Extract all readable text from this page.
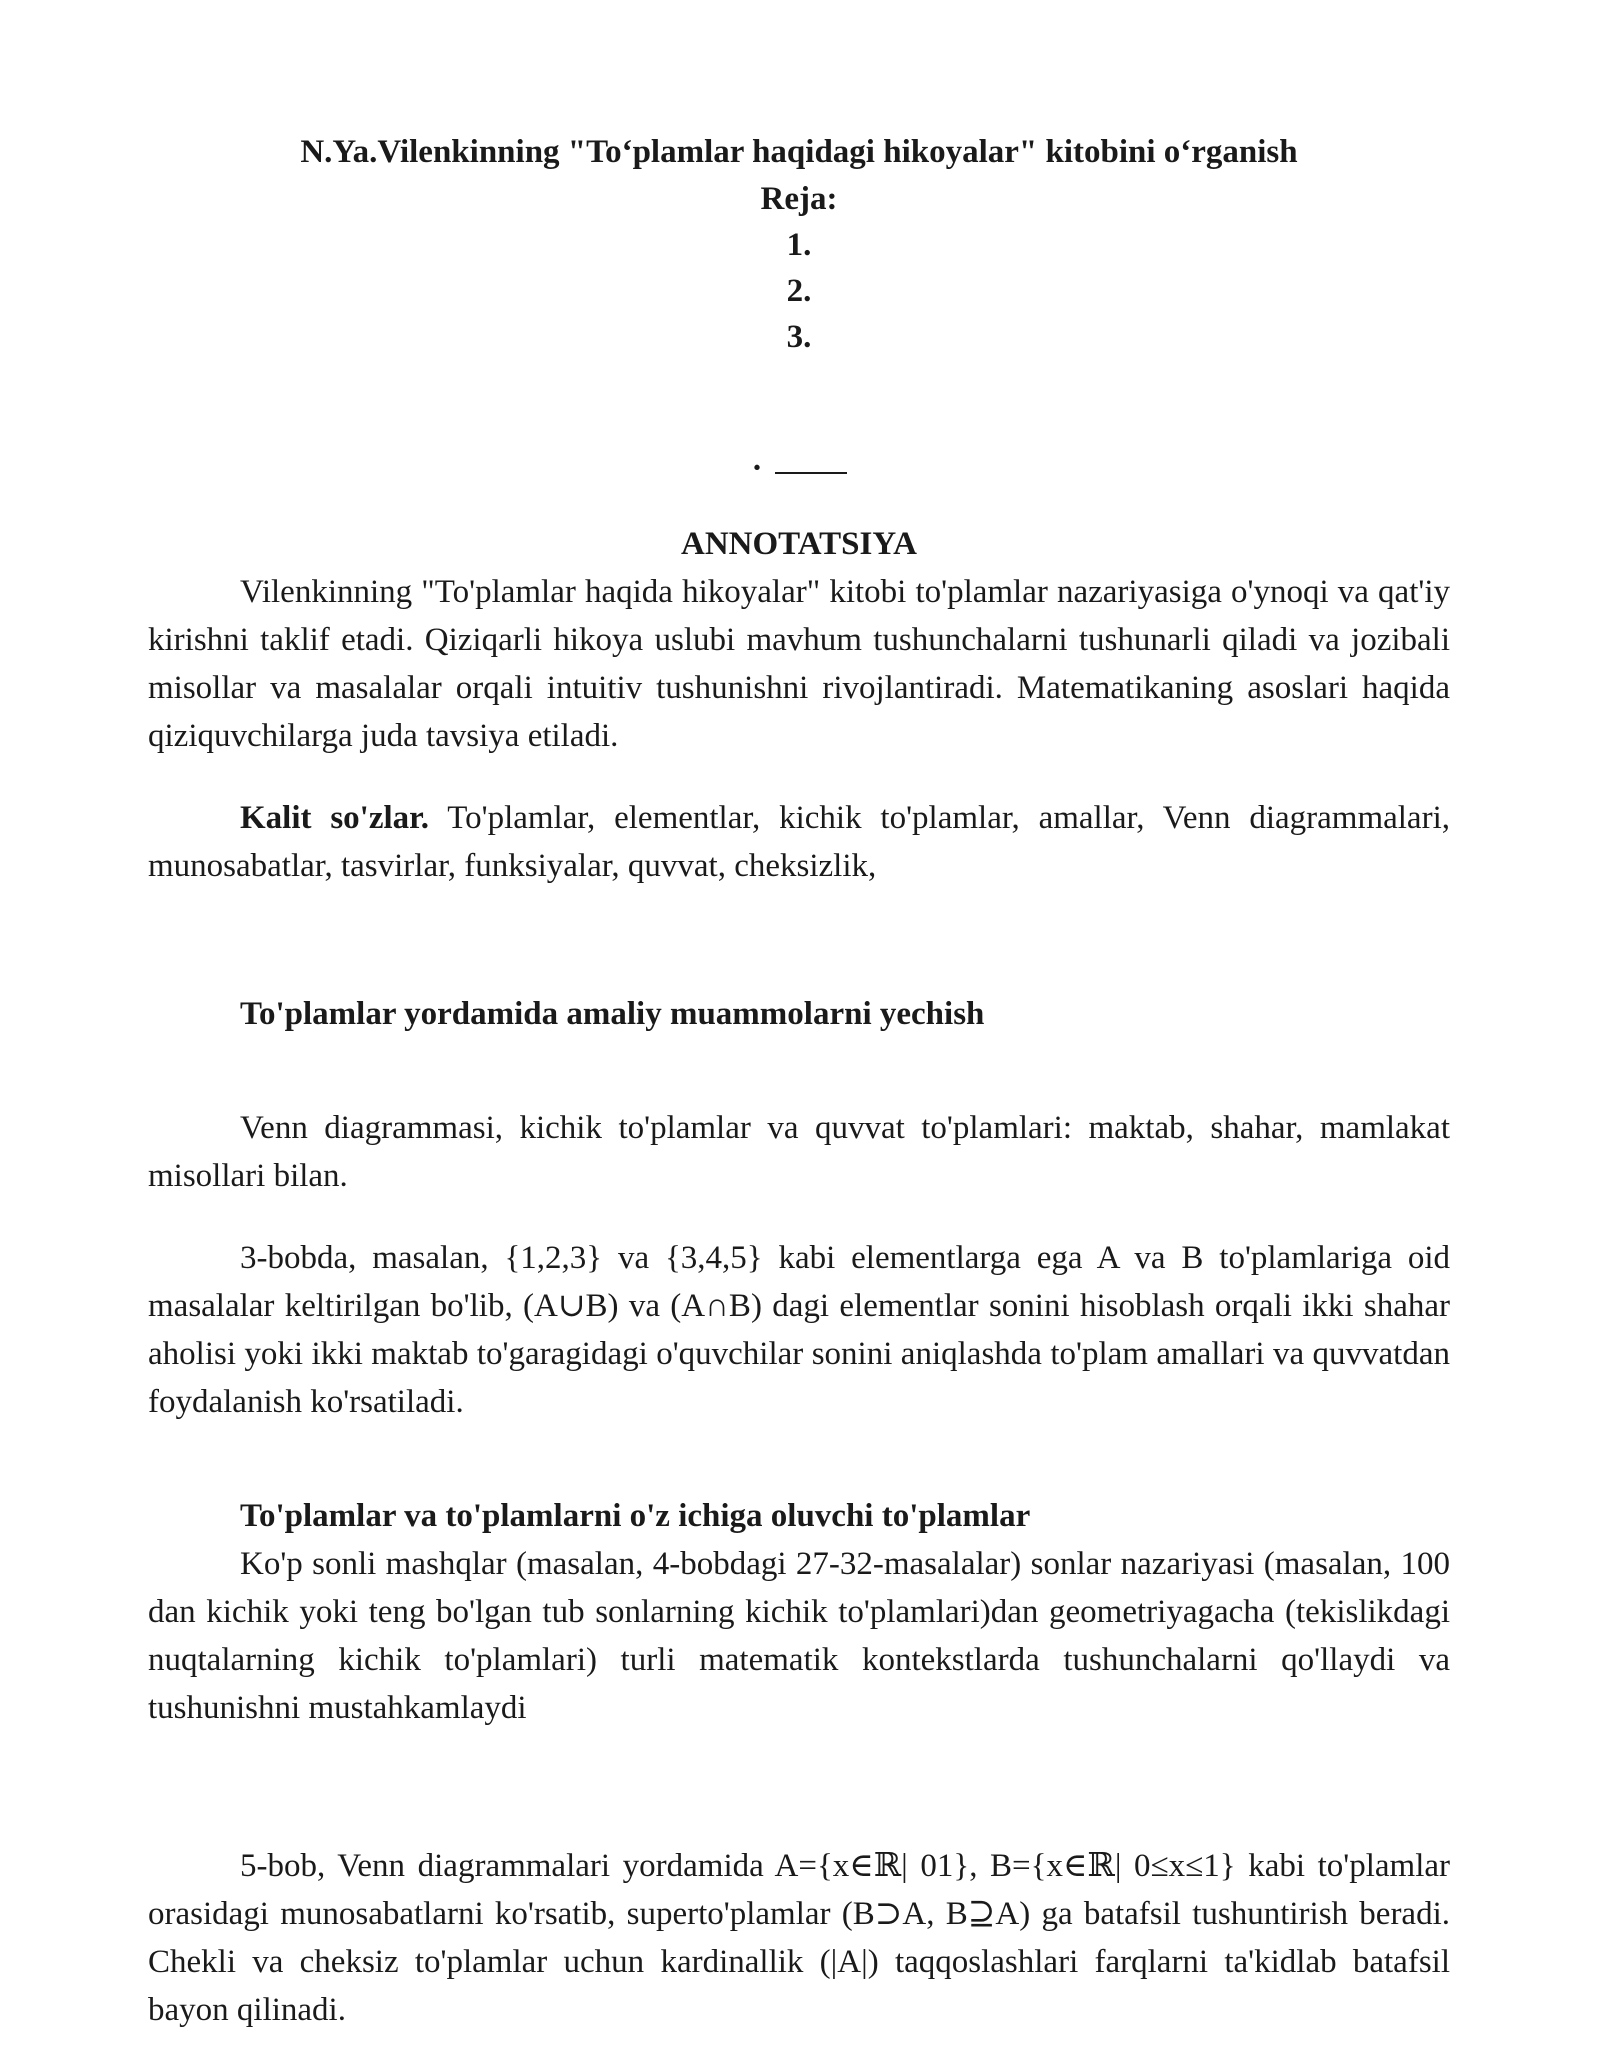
N.Ya.Vilenkinning "To‘plamlar haqidagi hikoyalar" kitobini o‘rganish

Reja:

1.

2.

3.

·

ANNOTATSIYA

Vilenkinning "To'plamlar haqida hikoyalar" kitobi to'plamlar nazariyasiga o'ynoqi va qat'iy kirishni taklif etadi. Qiziqarli hikoya uslubi mavhum tushunchalarni tushunarli qiladi va jozibali misollar va masalalar orqali intuitiv tushunishni rivojlantiradi. Matematikaning asoslari haqida qiziquvchilarga juda tavsiya etiladi.

Kalit so'zlar. To'plamlar, elementlar, kichik to'plamlar, amallar, Venn diagrammalari, munosabatlar, tasvirlar, funksiyalar, quvvat, cheksizlik,

To'plamlar yordamida amaliy muammolarni yechish

Venn diagrammasi, kichik to'plamlar va quvvat to'plamlari: maktab, shahar, mamlakat misollari bilan.

3-bobda, masalan, {1,2,3} va {3,4,5} kabi elementlarga ega A va B to'plamlariga oid masalalar keltirilgan bo'lib, (A∪B) va (A∩B) dagi elementlar sonini hisoblash orqali ikki shahar aholisi yoki ikki maktab to'garagidagi o'quvchilar sonini aniqlashda to'plam amallari va quvvatdan foydalanish ko'rsatiladi.

To'plamlar va to'plamlarni o'z ichiga oluvchi to'plamlar

Ko'p sonli mashqlar (masalan, 4-bobdagi 27-32-masalalar) sonlar nazariyasi (masalan, 100 dan kichik yoki teng bo'lgan tub sonlarning kichik to'plamlari)dan geometriyagacha (tekislikdagi nuqtalarning kichik to'plamlari) turli matematik kontekstlarda tushunchalarni qo'llaydi va tushunishni mustahkamlaydi

5-bob, Venn diagrammalari yordamida A={x∈ℝ| 01}, B={x∈ℝ| 0≤x≤1} kabi to'plamlar orasidagi munosabatlarni ko'rsatib, superto'plamlar (B⊃A, B⊇A) ga batafsil tushuntirish beradi. Chekli va cheksiz to'plamlar uchun kardinallik (|A|) taqqoslashlari farqlarni ta'kidlab batafsil bayon qilinadi.
